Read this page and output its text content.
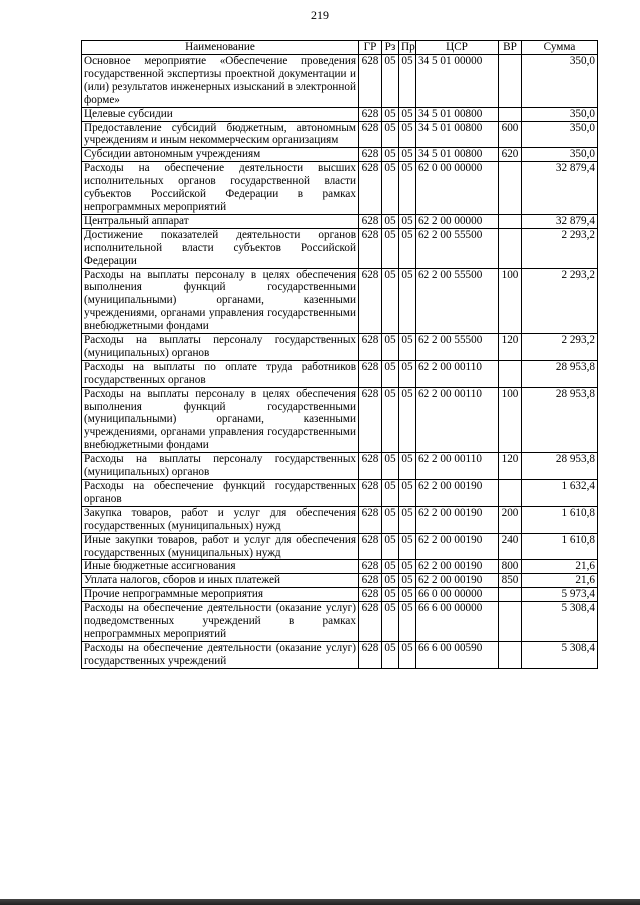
219
Наименование	ГР	Рз	Пр	ЦСР	ВР	Сумма
Основное мероприятие «Обеспечение проведения государственной экспертизы проектной документации и (или) результатов инженерных изысканий в электронной форме»	628	05	05	34 5 01 00000		350,0
Целевые субсидии	628	05	05	34 5 01 00800		350,0
Предоставление субсидий бюджетным, автономным учреждениям и иным некоммерческим организациям	628	05	05	34 5 01 00800	600	350,0
Субсидии автономным учреждениям	628	05	05	34 5 01 00800	620	350,0
Расходы на обеспечение деятельности высших исполнительных органов государственной власти субъектов Российской Федерации в рамках непрограммных мероприятий	628	05	05	62 0 00 00000		32 879,4
Центральный аппарат	628	05	05	62 2 00 00000		32 879,4
Достижение показателей деятельности органов исполнительной власти субъектов Российской Федерации	628	05	05	62 2 00 55500		2 293,2
Расходы на выплаты персоналу в целях обеспечения выполнения функций государственными (муниципальными) органами, казенными учреждениями, органами управления государственными внебюджетными фондами	628	05	05	62 2 00 55500	100	2 293,2
Расходы на выплаты персоналу государственных (муниципальных) органов	628	05	05	62 2 00 55500	120	2 293,2
Расходы на выплаты по оплате труда работников государственных органов	628	05	05	62 2 00 00110		28 953,8
Расходы на выплаты персоналу в целях обеспечения выполнения функций государственными (муниципальными) органами, казенными учреждениями, органами управления государственными внебюджетными фондами	628	05	05	62 2 00 00110	100	28 953,8
Расходы на выплаты персоналу государственных (муниципальных) органов	628	05	05	62 2 00 00110	120	28 953,8
Расходы на обеспечение функций государственных органов	628	05	05	62 2 00 00190		1 632,4
Закупка товаров, работ и услуг для обеспечения государственных (муниципальных) нужд	628	05	05	62 2 00 00190	200	1 610,8
Иные закупки товаров, работ и услуг для обеспечения государственных (муниципальных) нужд	628	05	05	62 2 00 00190	240	1 610,8
Иные бюджетные ассигнования	628	05	05	62 2 00 00190	800	21,6
Уплата налогов, сборов и иных платежей	628	05	05	62 2 00 00190	850	21,6
Прочие непрограммные мероприятия	628	05	05	66 0 00 00000		5 973,4
Расходы на обеспечение деятельности (оказание услуг) подведомственных учреждений в рамках непрограммных мероприятий	628	05	05	66 6 00 00000		5 308,4
Расходы на обеспечение деятельности (оказание услуг) государственных учреждений	628	05	05	66 6 00 00590		5 308,4
